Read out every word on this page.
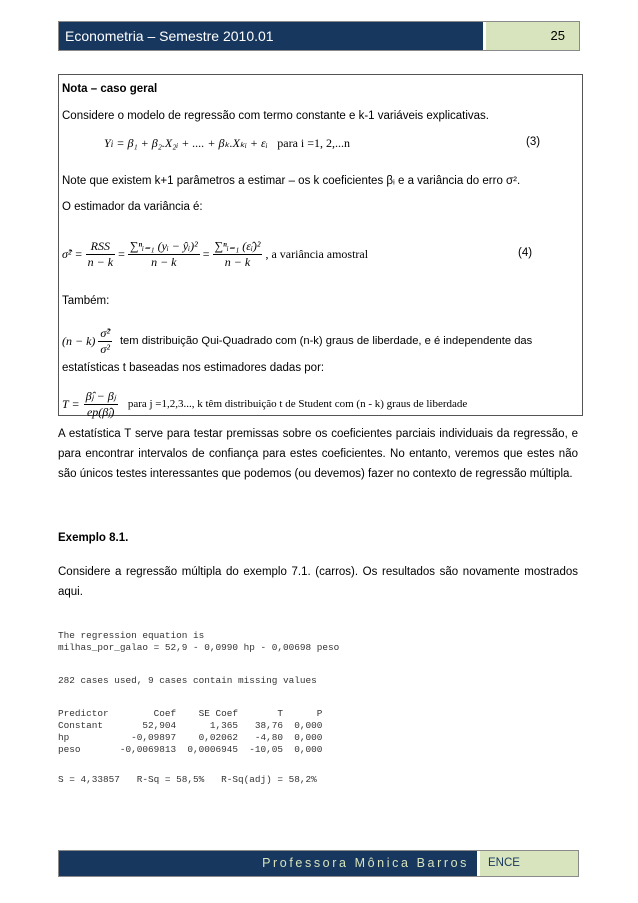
Econometria – Semestre 2010.01	25
Nota – caso geral
Considere o modelo de regressão com termo constante e k-1 variáveis explicativas.
Yi = β₁ + β₂.X₂ᵢ + .... + βₖ.Xₖᵢ + εᵢ para i =1, 2,...n	(3)
Note que existem k+1 parâmetros a estimar – os k coeficientes βᵢ e a variância do erro σ².
O estimador da variância é:
σ̂² = $\frac{\text{RSS}}{n - k} = \frac{\text{∑ⁿᵢ₌₁ (yᵢ − ŷᵢ)²}}{n - k} = \frac{\text{∑ⁿᵢ₌₁ (ε̂ᵢ)²}}{n - k}$ , a variância amostral	(4)
Também:
$(n - k) \frac{\text{σ̂²}}{\text{σ²}}$ tem distribuição Qui-Quadrado com (n-k) graus de liberdade, e é independente das
estatísticas t baseadas nos estimadores dadas por:
$T = \frac{\text{β̂ⱼ − βⱼ}}{\text{ep(β̂ⱼ)}}$ para j =1,2,3..., k têm distribuição t de Student com (n - k) graus de liberdade
A estatística T serve para testar premissas sobre os coeficientes parciais individuais da regressão, e para encontrar intervalos de confiança para estes coeficientes. No entanto, veremos que estes não são únicos testes interessantes que podemos (ou devemos) fazer no contexto de regressão múltipla.
Exemplo 8.1.
Considere a regressão múltipla do exemplo 7.1. (carros). Os resultados são novamente mostrados aqui.
The regression equation is
milhas_por_galao = 52,9 - 0,0990 hp - 0,00698 peso
282 cases used, 9 cases contain missing values
Predictor        Coef    SE Coef       T      P
Constant       52,904      1,365   38,76  0,000
hp           -0,09897    0,02062   -4,80  0,000
peso       -0,0069813  0,0006945  -10,05  0,000
S = 4,33857   R-Sq = 58,5%   R-Sq(adj) = 58,2%
Professora Mônica Barros	ENCE
